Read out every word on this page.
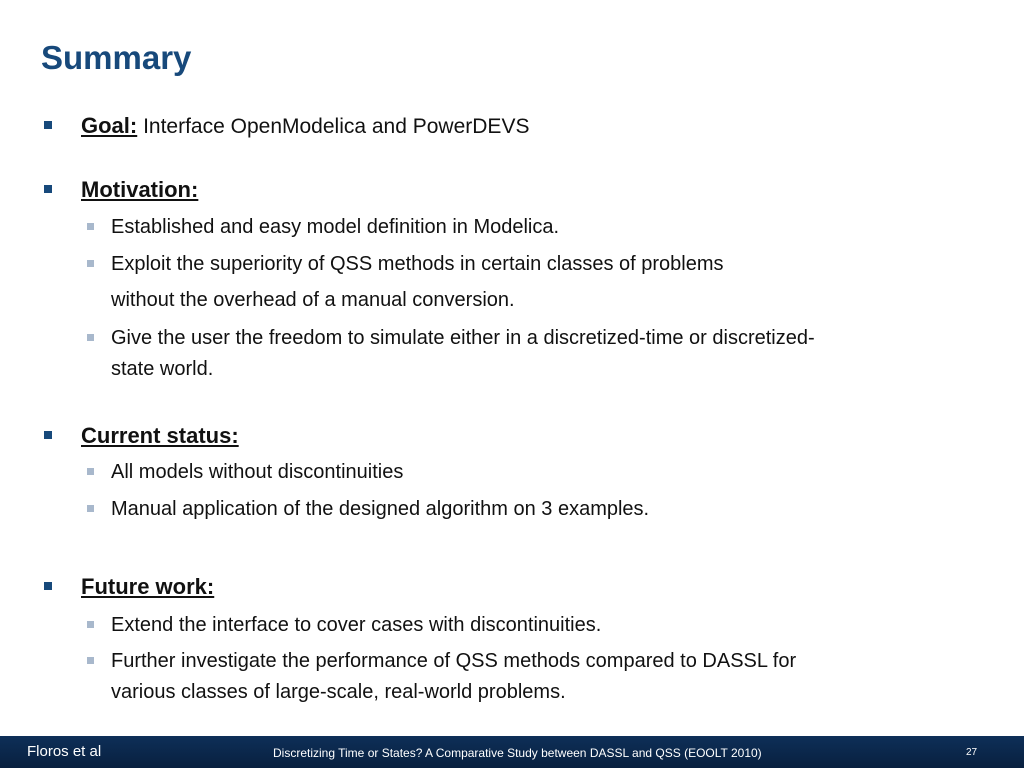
Summary
Goal: Interface OpenModelica and PowerDEVS
Motivation:
Established and easy model definition in Modelica.
Exploit the superiority of QSS methods in certain classes of problems
without the overhead of a manual conversion.
Give the user the freedom to simulate either in a discretized-time or discretized-
state world.
Current status:
All models without discontinuities
Manual application of the designed algorithm on 3 examples.
Future work:
Extend the interface to cover cases with discontinuities.
Further investigate the performance of QSS methods compared to DASSL for
various classes of large-scale, real-world problems.
Floros et al	Discretizing Time or States? A Comparative Study between DASSL and QSS (EOOLT 2010)	27
